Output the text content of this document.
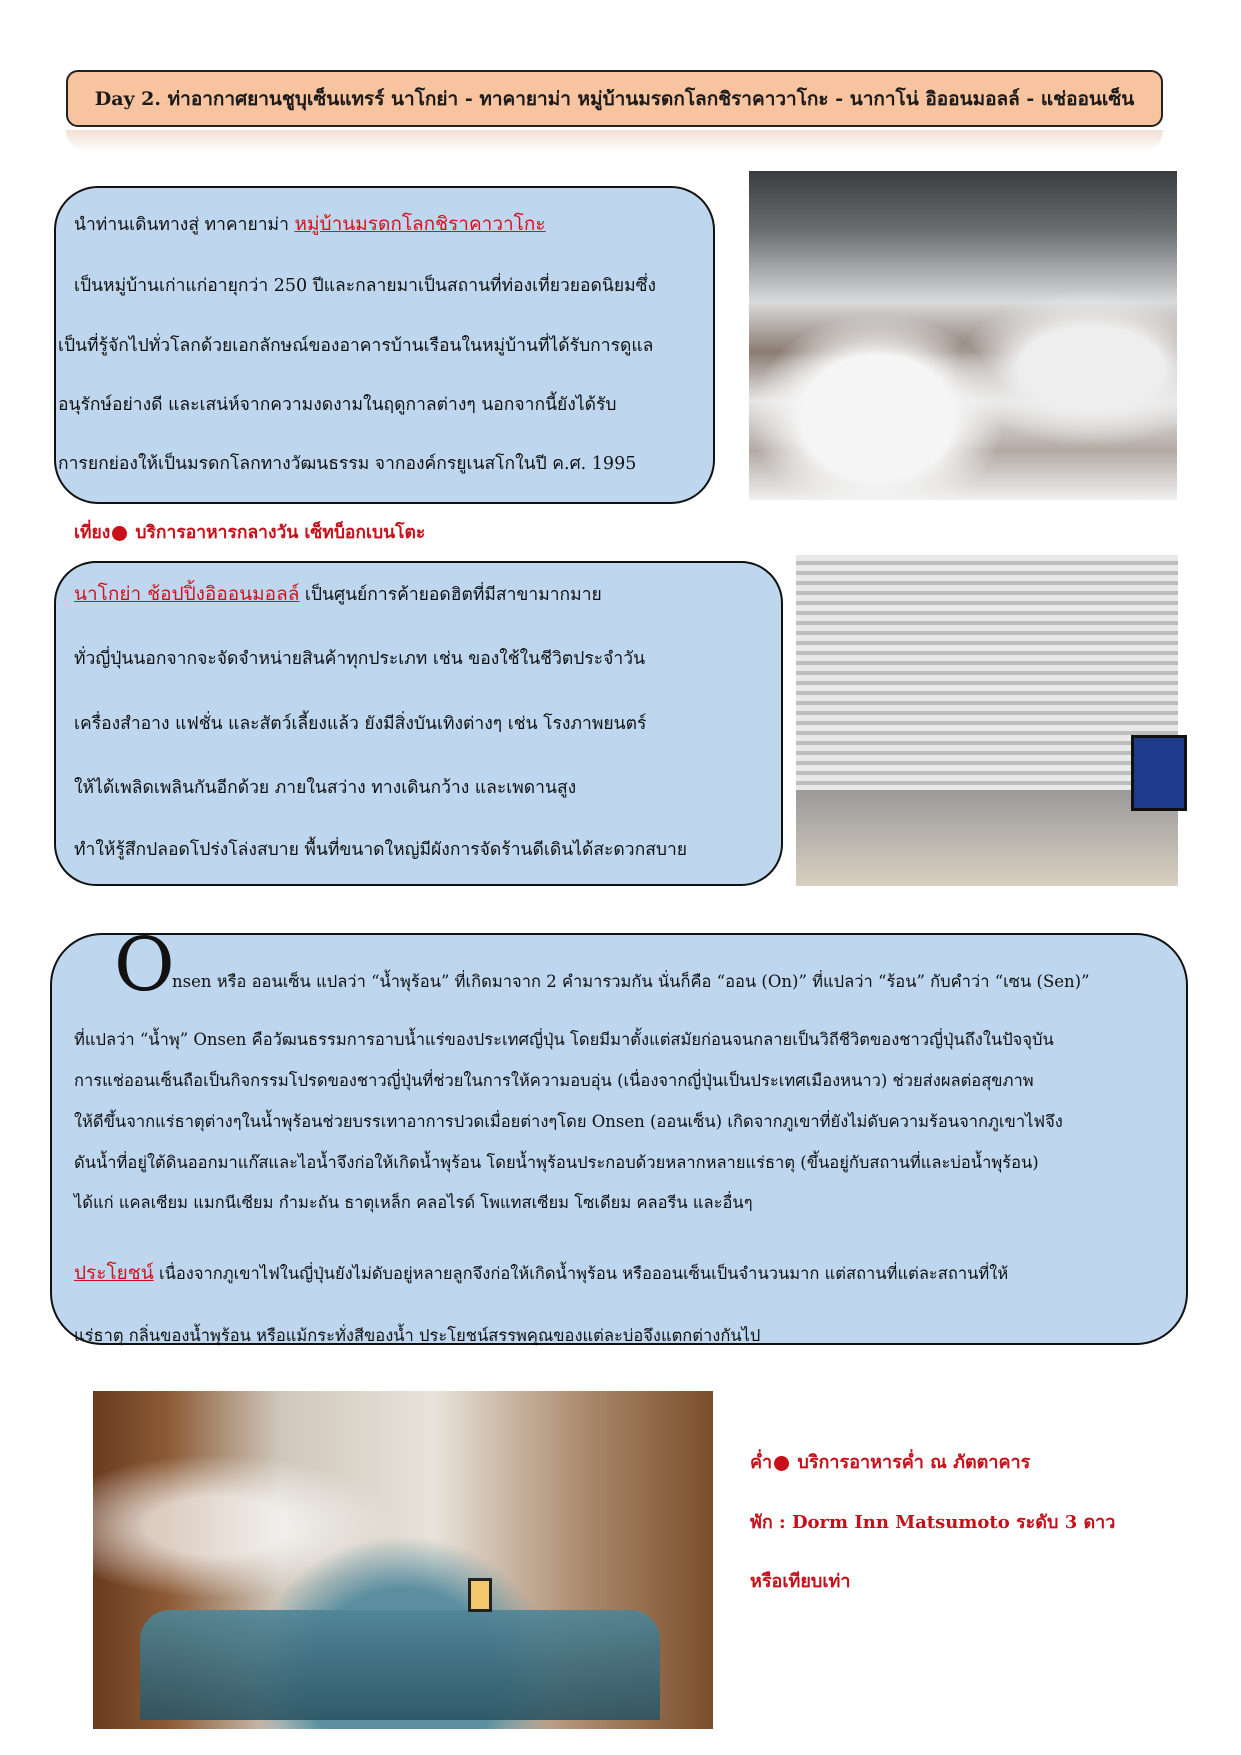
Day 2. ท่าอากาศยานชูบุเซ็นแทรร์ นาโกย่า - ทาคายาม่า หมู่บ้านมรดกโลกชิราคาวาโกะ - นากาโน่ อิออนมอลล์ - แช่ออนเซ็น
นำท่านเดินทางสู่ ทาคายาม่า หมู่บ้านมรดกโลกชิราคาวาโกะ
เป็นหมู่บ้านเก่าแก่อายุกว่า 250 ปีและกลายมาเป็นสถานที่ท่องเที่ยวยอดนิยมซึ่ง
เป็นที่รู้จักไปทั่วโลกด้วยเอกลักษณ์ของอาคารบ้านเรือนในหมู่บ้านที่ได้รับการดูแล
อนุรักษ์อย่างดี และเสน่ห์จากความงดงามในฤดูกาลต่างๆ นอกจากนี้ยังได้รับ
การยกย่องให้เป็นมรดกโลกทางวัฒนธรรม จากองค์กรยูเนสโกในปี ค.ศ. 1995
เที่ยง บริการอาหารกลางวัน เซ็ทบ็อกเบนโตะ
นาโกย่า ช้อปปิ้งอิออนมอลล์ เป็นศูนย์การค้ายอดฮิตที่มีสาขามากมาย
ทั่วญี่ปุ่นนอกจากจะจัดจำหน่ายสินค้าทุกประเภท เช่น ของใช้ในชีวิตประจำวัน
เครื่องสำอาง แฟชั่น และสัตว์เลี้ยงแล้ว ยังมีสิ่งบันเทิงต่างๆ เช่น โรงภาพยนตร์
ให้ได้เพลิดเพลินกันอีกด้วย ภายในสว่าง ทางเดินกว้าง และเพดานสูง
ทำให้รู้สึกปลอดโปร่งโล่งสบาย พื้นที่ขนาดใหญ่มีผังการจัดร้านดีเดินได้สะดวกสบาย
O
nsen หรือ ออนเซ็น แปลว่า “น้ำพุร้อน” ที่เกิดมาจาก 2 คำมารวมกัน นั่นก็คือ “ออน (On)” ที่แปลว่า “ร้อน” กับคำว่า “เซน (Sen)”
ที่แปลว่า “น้ำพุ” Onsen คือวัฒนธรรมการอาบน้ำแร่ของประเทศญี่ปุ่น โดยมีมาตั้งแต่สมัยก่อนจนกลายเป็นวิถีชีวิตของชาวญี่ปุ่นถึงในปัจจุบัน
การแช่ออนเซ็นถือเป็นกิจกรรมโปรดของชาวญี่ปุ่นที่ช่วยในการให้ความอบอุ่น (เนื่องจากญี่ปุ่นเป็นประเทศเมืองหนาว) ช่วยส่งผลต่อสุขภาพ
ให้ดีขึ้นจากแร่ธาตุต่างๆในน้ำพุร้อนช่วยบรรเทาอาการปวดเมื่อยต่างๆโดย Onsen (ออนเซ็น) เกิดจากภูเขาที่ยังไม่ดับความร้อนจากภูเขาไฟจึง
ดันน้ำที่อยู่ใต้ดินออกมาแก๊สและไอน้ำจึงก่อให้เกิดน้ำพุร้อน โดยน้ำพุร้อนประกอบด้วยหลากหลายแร่ธาตุ (ขึ้นอยู่กับสถานที่และบ่อน้ำพุร้อน)
ได้แก่ แคลเซียม แมกนีเซียม กำมะถัน ธาตุเหล็ก คลอไรด์ โพแทสเซียม โซเดียม คลอรีน และอื่นๆ
ประโยชน์ เนื่องจากภูเขาไฟในญี่ปุ่นยังไม่ดับอยู่หลายลูกจึงก่อให้เกิดน้ำพุร้อน หรือออนเซ็นเป็นจำนวนมาก แต่สถานที่แต่ละสถานที่ให้
แร่ธาตุ กลิ่นของน้ำพุร้อน หรือแม้กระทั่งสีของน้ำ ประโยชน์สรรพคุณของแต่ละบ่อจึงแตกต่างกันไป
ค่ำ บริการอาหารค่ำ ณ ภัตตาคาร
พัก : Dorm Inn Matsumoto ระดับ 3 ดาว
หรือเทียบเท่า
